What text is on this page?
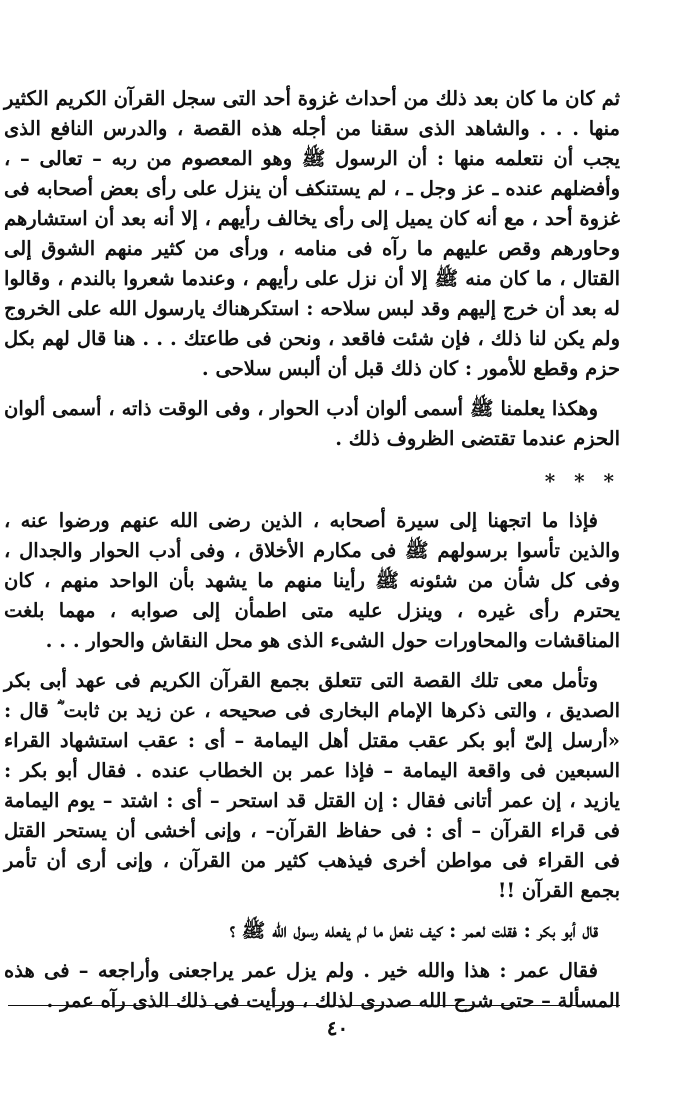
ثم كان ما كان بعد ذلك من أحداث غزوة أحد التى سجل القرآن الكريم الكثير منها . . . والشاهد الذى سقنا من أجله هذه القصة ، والدرس النافع الذى يجب أن نتعلمه منها : أن الرسول ﷺ وهو المعصوم من ربه – تعالى – ، وأفضلهم عنده ـ عز وجل ـ ، لم يستنكف أن ينزل على رأى بعض أصحابه فى غزوة أحد ، مع أنه كان يميل إلى رأى يخالف رأيهم ، إلا أنه بعد أن استشارهم وحاورهم وقص عليهم ما رآه فى منامه ، ورأى من كثير منهم الشوق إلى القتال ، ما كان منه ﷺ إلا أن نزل على رأيهم ، وعندما شعروا بالندم ، وقالوا له بعد أن خرج إليهم وقد لبس سلاحه : استكرهناك يارسول الله على الخروج ولم يكن لنا ذلك ، فإن شئت فاقعد ، ونحن فى طاعتك . . . هنا قال لهم بكل حزم وقطع للأمور : كان ذلك قبل أن ألبس سلاحى .

وهكذا يعلمنا ﷺ أسمى ألوان أدب الحوار ، وفى الوقت ذاته ، أسمى ألوان الحزم عندما تقتضى الظروف ذلك .

* * *

فإذا ما اتجهنا إلى سيرة أصحابه ، الذين رضى الله عنهم ورضوا عنه ، والذين تأسوا برسولهم ﷺ فى مكارم الأخلاق ، وفى أدب الحوار والجدال ، وفى كل شأن من شئونه ﷺ رأينا منهم ما يشهد بأن الواحد منهم ، كان يحترم رأى غيره ، وينزل عليه متى اطمأن إلى صوابه ، مهما بلغت المناقشات والمحاورات حول الشىء الذى هو محل النقاش والحوار . . .

وتأمل معى تلك القصة التى تتعلق بجمع القرآن الكريم فى عهد أبى بكر الصديق ، والتى ذكرها الإمام البخارى فى صحيحه ، عن زيد بن ثابت ؓ قال : «أرسل إلىّ أبو بكر عقب مقتل أهل اليمامة – أى : عقب استشهاد القراء السبعين فى واقعة اليمامة – فإذا عمر بن الخطاب عنده . فقال أبو بكر : يازيد ، إن عمر أتانى فقال : إن القتل قد استحر – أى : اشتد – يوم اليمامة فى قراء القرآن – أى : فى حفاظ القرآن– ، وإنى أخشى أن يستحر القتل فى القراء فى مواطن أخرى فيذهب كثير من القرآن ، وإنى أرى أن تأمر بجمع القرآن !!

قال أبو بكر : فقلت لعمر : كيف نفعل ما لم يفعله رسول الله ﷺ ؟

فقال عمر : هذا والله خير . ولم يزل عمر يراجعنى وأراجعه – فى هذه المسألة – حتى شرح الله صدرى لذلك ، ورأيت فى ذلك الذى رآه عمر .

٤٠
